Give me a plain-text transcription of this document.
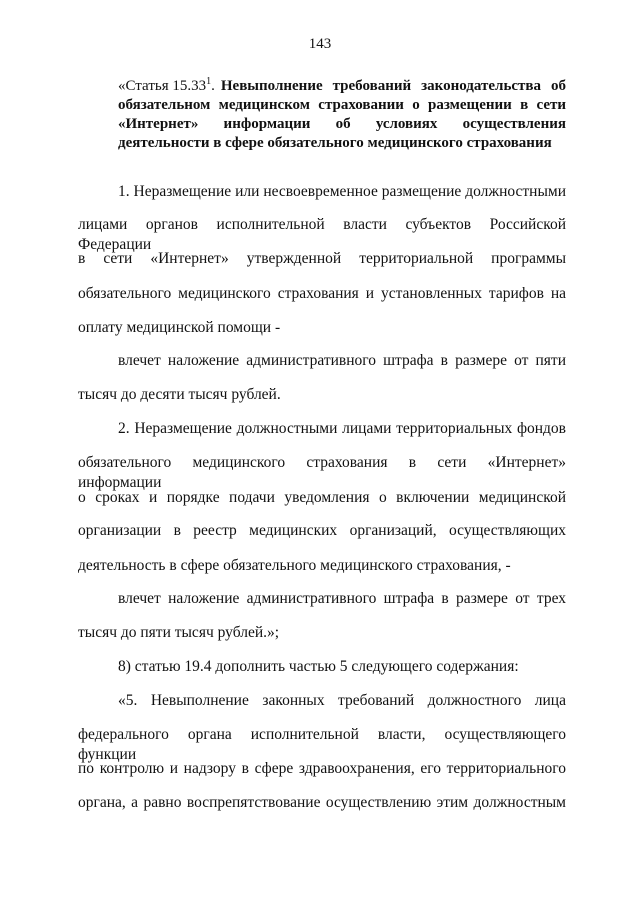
143
«Статья 15.33$^1$. Невыполнение требований законодательства об обязательном медицинском страховании о размещении в сети «Интернет» информации об условиях осуществления деятельности в сфере обязательного медицинского страхования
1. Неразмещение или несвоевременное размещение должностными
лицами органов исполнительной власти субъектов Российской Федерации
в сети «Интернет» утвержденной территориальной программы
обязательного медицинского страхования и установленных тарифов на
оплату медицинской помощи -
влечет наложение административного штрафа в размере от пяти
тысяч до десяти тысяч рублей.
2. Неразмещение должностными лицами территориальных фондов
обязательного медицинского страхования в сети «Интернет» информации
о сроках и порядке подачи уведомления о включении медицинской
организации в реестр медицинских организаций, осуществляющих
деятельность в сфере обязательного медицинского страхования, -
влечет наложение административного штрафа в размере от трех
тысяч до пяти тысяч рублей.»;
8) статью 19.4 дополнить частью 5 следующего содержания:
«5. Невыполнение законных требований должностного лица
федерального органа исполнительной власти, осуществляющего функции
по контролю и надзору в сфере здравоохранения, его территориального
органа, а равно воспрепятствование осуществлению этим должностным
